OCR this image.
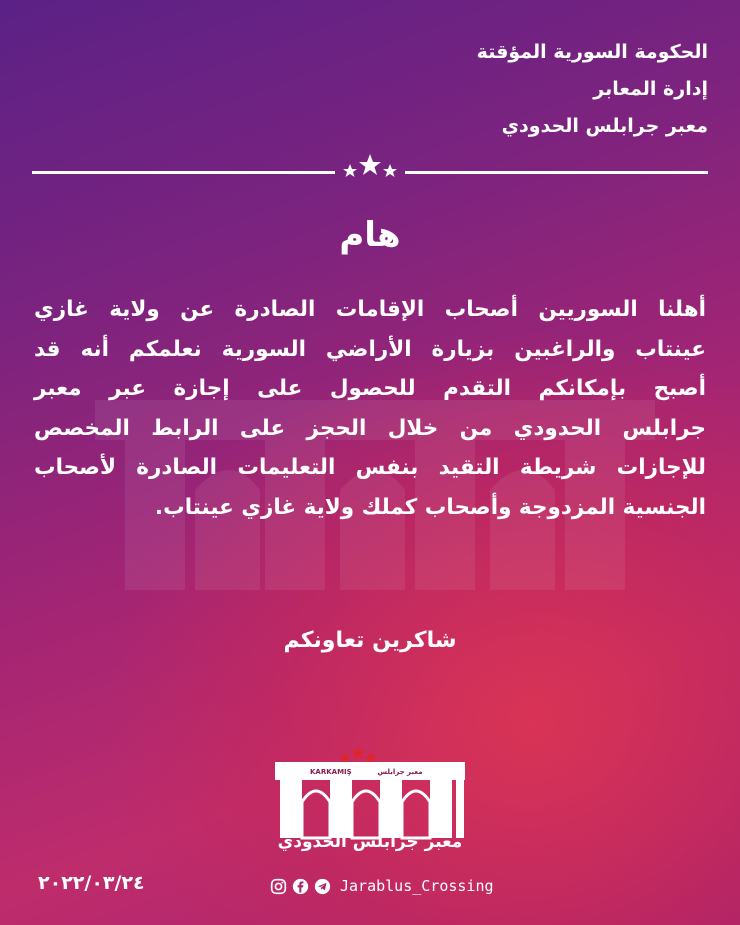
الحكومة السورية المؤقتة
إدارة المعابر
معبر جرابلس الحدودي
هام
أهلنا السوريين أصحاب الإقامات الصادرة عن ولاية غازي
عينتاب والراغبين بزيارة الأراضي السورية نعلمكم أنه قد
أصبح بإمكانكم التقدم للحصول على إجازة عبر معبر
جرابلس الحدودي من خلال الحجز على الرابط المخصص
للإجازات شريطة التقيد بنفس التعليمات الصادرة لأصحاب
الجنسية المزدوجة وأصحاب كملك ولاية غازي عينتاب.
شاكرين تعاونكم
KARKAMIŞ	معبر جرابلس
معبر جرابلس الحدودي
٢٠٢٢/٠٣/٢٤	Jarablus_Crossing
